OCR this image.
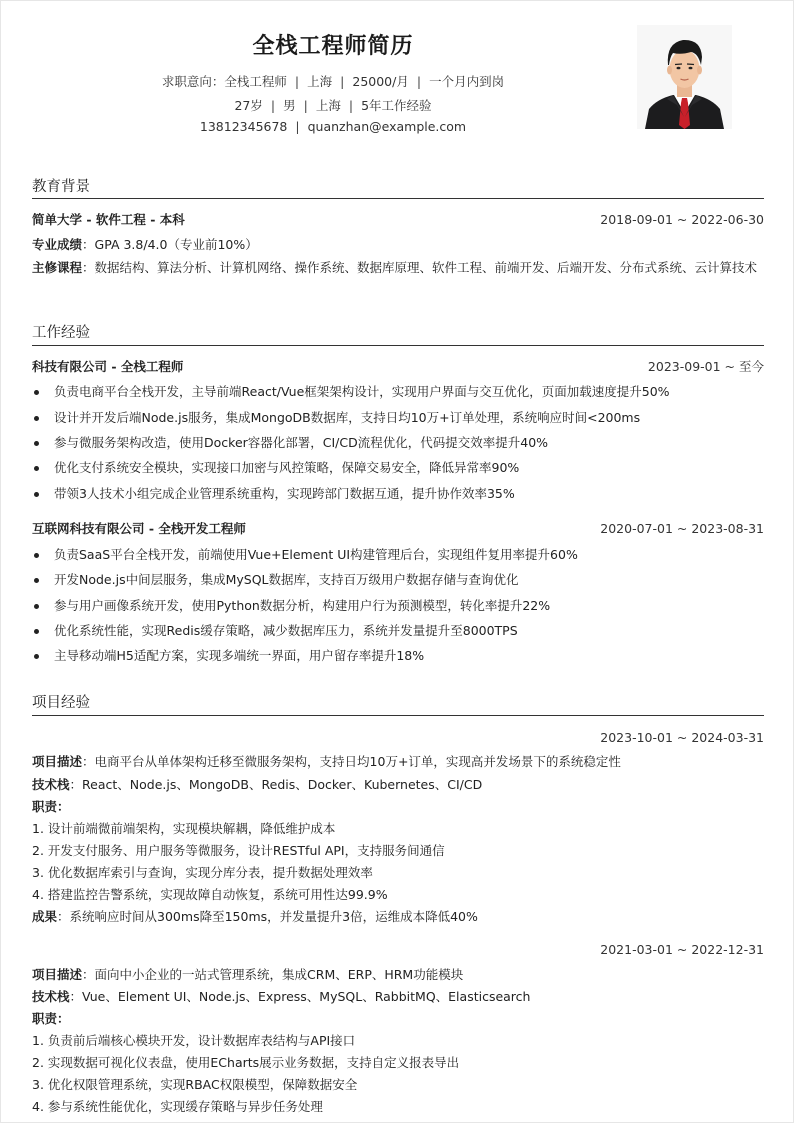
全栈工程师简历
求职意向：全栈工程师 | 上海 | 25000/月 | 一个月内到岗
27岁 | 男 | 上海 | 5年工作经验
13812345678 | quanzhan@example.com
教育背景
简单大学 - 软件工程 - 本科	2018-09-01 ~ 2022-06-30
专业成绩：GPA 3.8/4.0（专业前10%）
主修课程：数据结构、算法分析、计算机网络、操作系统、数据库原理、软件工程、前端开发、后端开发、分布式系统、云计算技术
工作经验
科技有限公司 - 全栈工程师	2023-09-01 ~ 至今
负责电商平台全栈开发，主导前端React/Vue框架架构设计，实现用户界面与交互优化，页面加载速度提升50%
设计并开发后端Node.js服务，集成MongoDB数据库，支持日均10万+订单处理，系统响应时间<200ms
参与微服务架构改造，使用Docker容器化部署，CI/CD流程优化，代码提交效率提升40%
优化支付系统安全模块，实现接口加密与风控策略，保障交易安全，降低异常率90%
带领3人技术小组完成企业管理系统重构，实现跨部门数据互通，提升协作效率35%
互联网科技有限公司 - 全栈开发工程师	2020-07-01 ~ 2023-08-31
负责SaaS平台全栈开发，前端使用Vue+Element UI构建管理后台，实现组件复用率提升60%
开发Node.js中间层服务，集成MySQL数据库，支持百万级用户数据存储与查询优化
参与用户画像系统开发，使用Python数据分析，构建用户行为预测模型，转化率提升22%
优化系统性能，实现Redis缓存策略，减少数据库压力，系统并发量提升至8000TPS
主导移动端H5适配方案，实现多端统一界面，用户留存率提升18%
项目经验
2023-10-01 ~ 2024-03-31
项目描述：电商平台从单体架构迁移至微服务架构，支持日均10万+订单，实现高并发场景下的系统稳定性
技术栈：React、Node.js、MongoDB、Redis、Docker、Kubernetes、CI/CD
职责：
1. 设计前端微前端架构，实现模块解耦，降低维护成本
2. 开发支付服务、用户服务等微服务，设计RESTful API，支持服务间通信
3. 优化数据库索引与查询，实现分库分表，提升数据处理效率
4. 搭建监控告警系统，实现故障自动恢复，系统可用性达99.9%
成果：系统响应时间从300ms降至150ms，并发量提升3倍，运维成本降低40%
2021-03-01 ~ 2022-12-31
项目描述：面向中小企业的一站式管理系统，集成CRM、ERP、HRM功能模块
技术栈：Vue、Element UI、Node.js、Express、MySQL、RabbitMQ、Elasticsearch
职责：
1. 负责前后端核心模块开发，设计数据库表结构与API接口
2. 实现数据可视化仪表盘，使用ECharts展示业务数据，支持自定义报表导出
3. 优化权限管理系统，实现RBAC权限模型，保障数据安全
4. 参与系统性能优化，实现缓存策略与异步任务处理
